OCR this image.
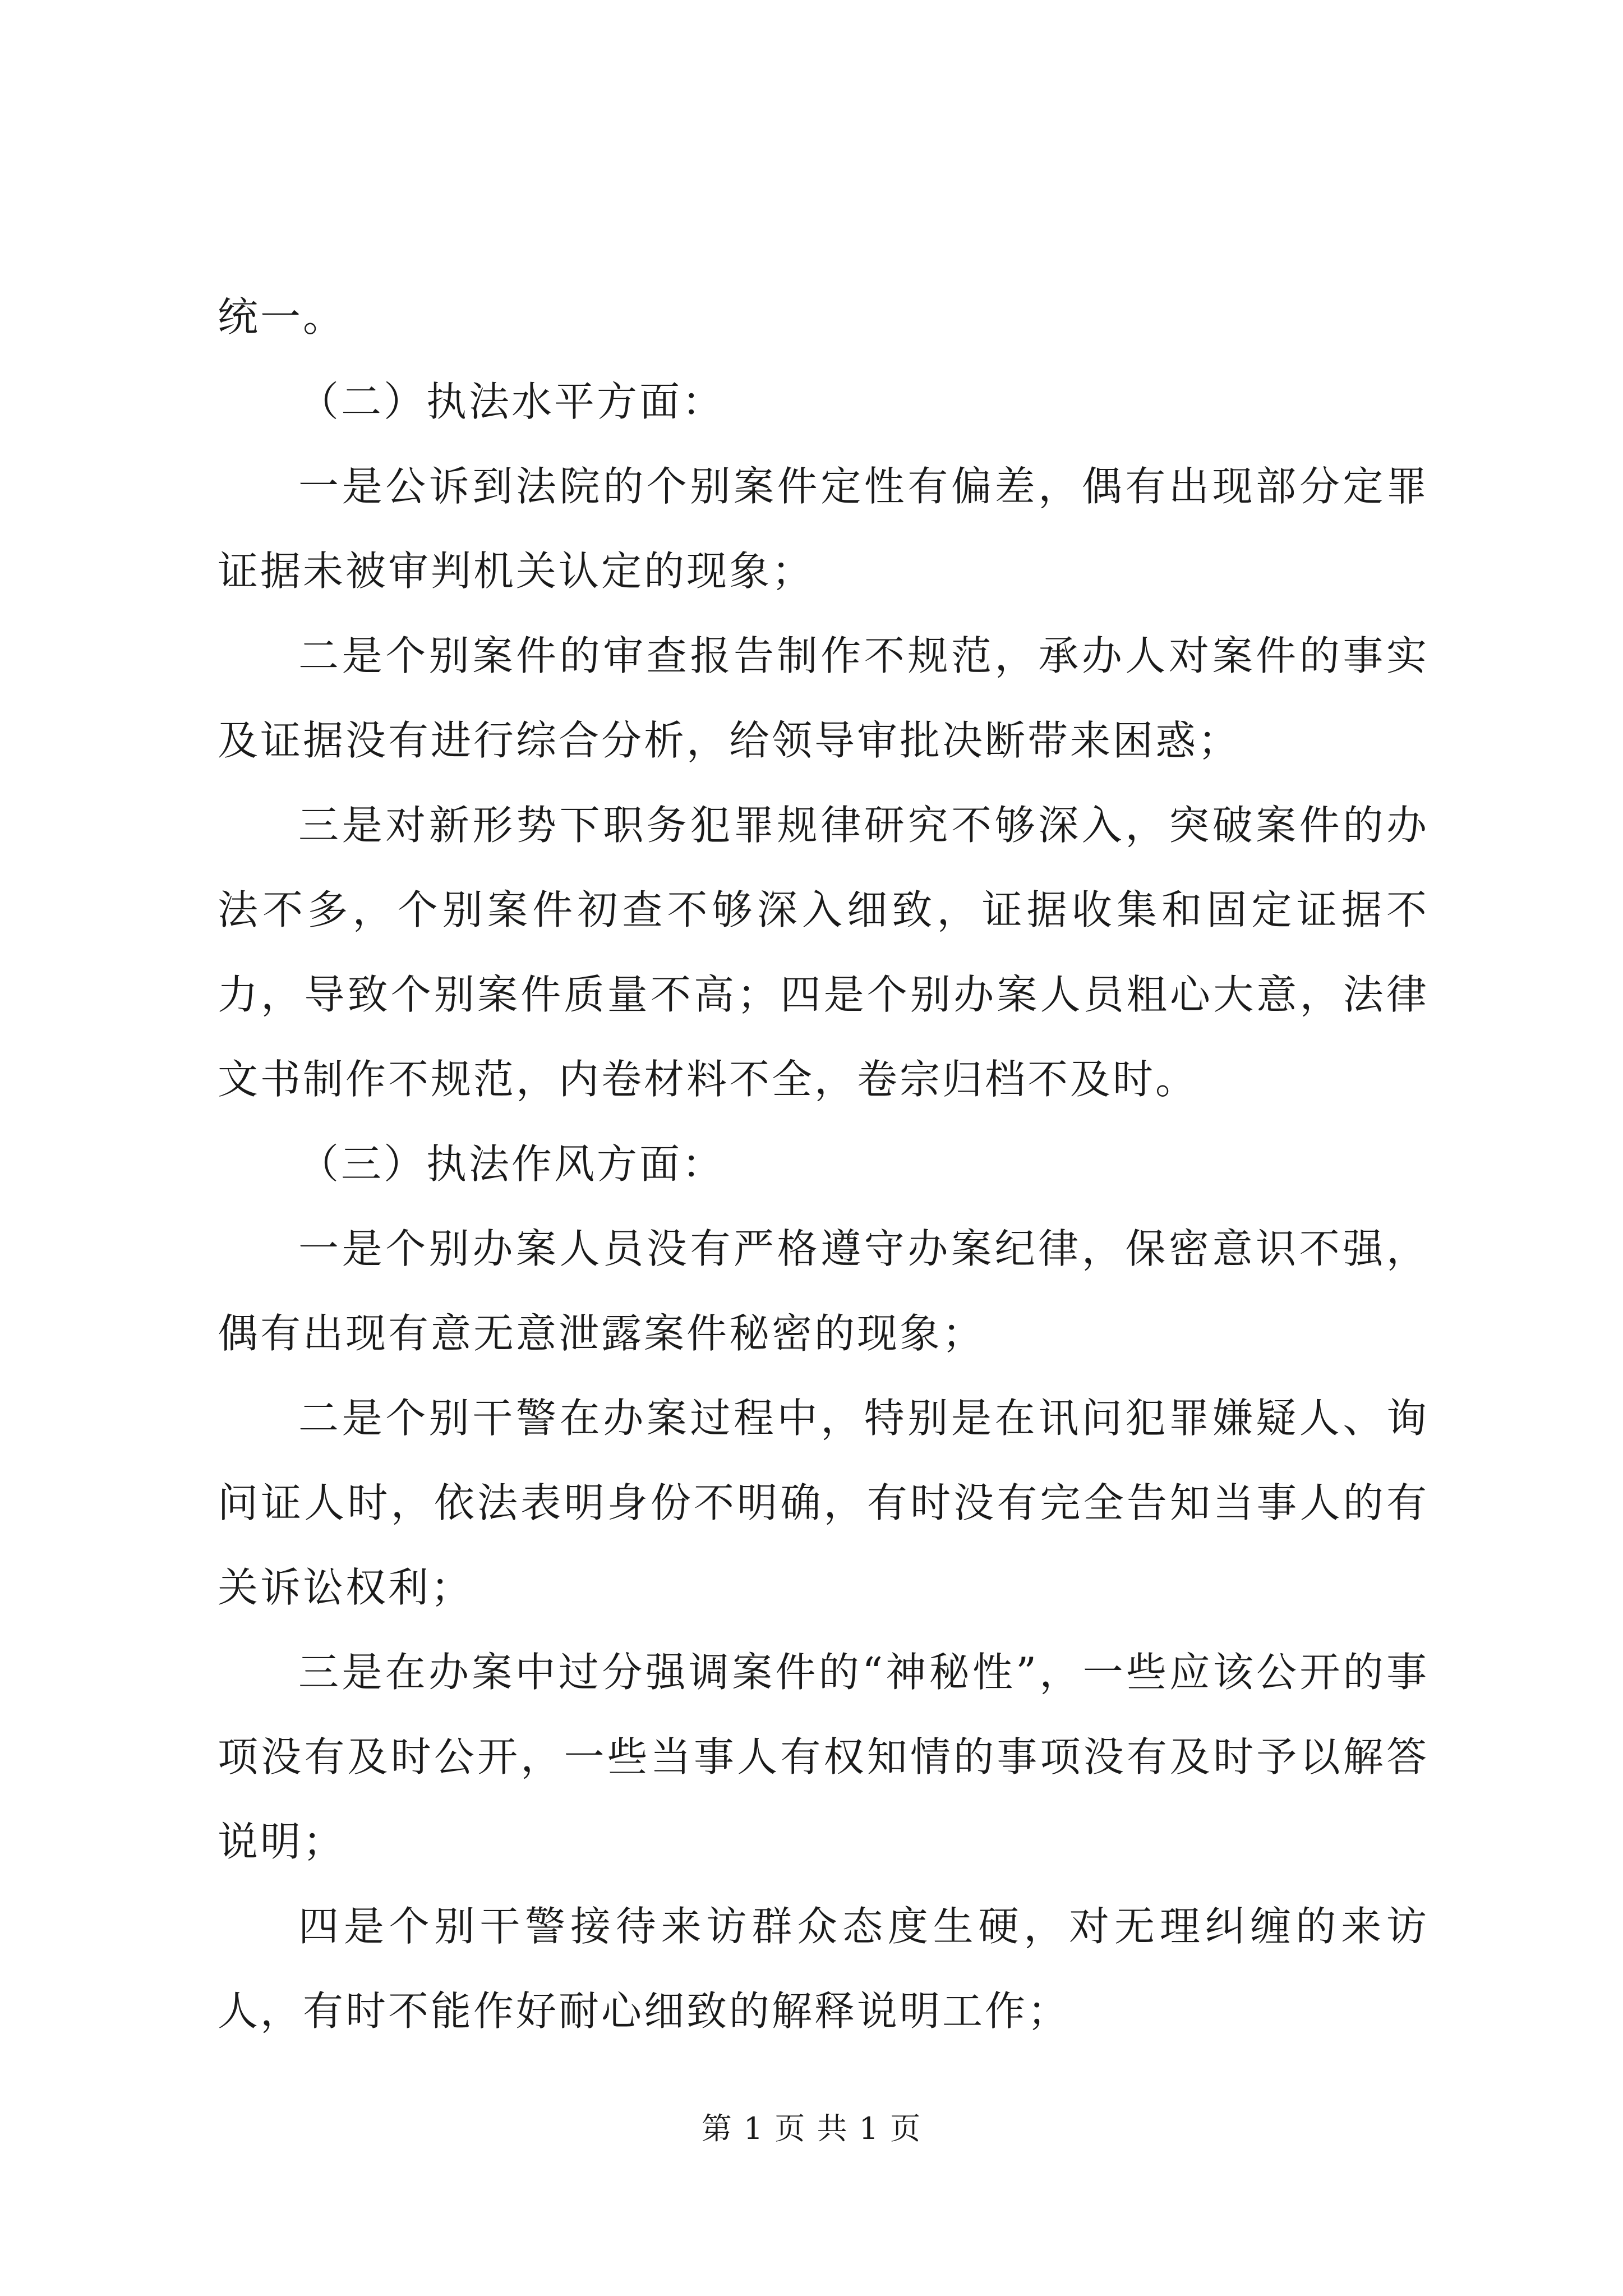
统一。

（二）执法水平方面：

一是公诉到法院的个别案件定性有偏差，偶有出现部分定罪证据未被审判机关认定的现象；

二是个别案件的审查报告制作不规范，承办人对案件的事实及证据没有进行综合分析，给领导审批决断带来困惑；

三是对新形势下职务犯罪规律研究不够深入，突破案件的办法不多，个别案件初查不够深入细致，证据收集和固定证据不力，导致个别案件质量不高；四是个别办案人员粗心大意，法律文书制作不规范，内卷材料不全，卷宗归档不及时。

（三）执法作风方面：

一是个别办案人员没有严格遵守办案纪律，保密意识不强，偶有出现有意无意泄露案件秘密的现象；

二是个别干警在办案过程中，特别是在讯问犯罪嫌疑人、询问证人时，依法表明身份不明确，有时没有完全告知当事人的有关诉讼权利；

三是在办案中过分强调案件的“神秘性”，一些应该公开的事项没有及时公开，一些当事人有权知情的事项没有及时予以解答说明；

四是个别干警接待来访群众态度生硬，对无理纠缠的来访人，有时不能作好耐心细致的解释说明工作；

第 1 页 共 1 页
